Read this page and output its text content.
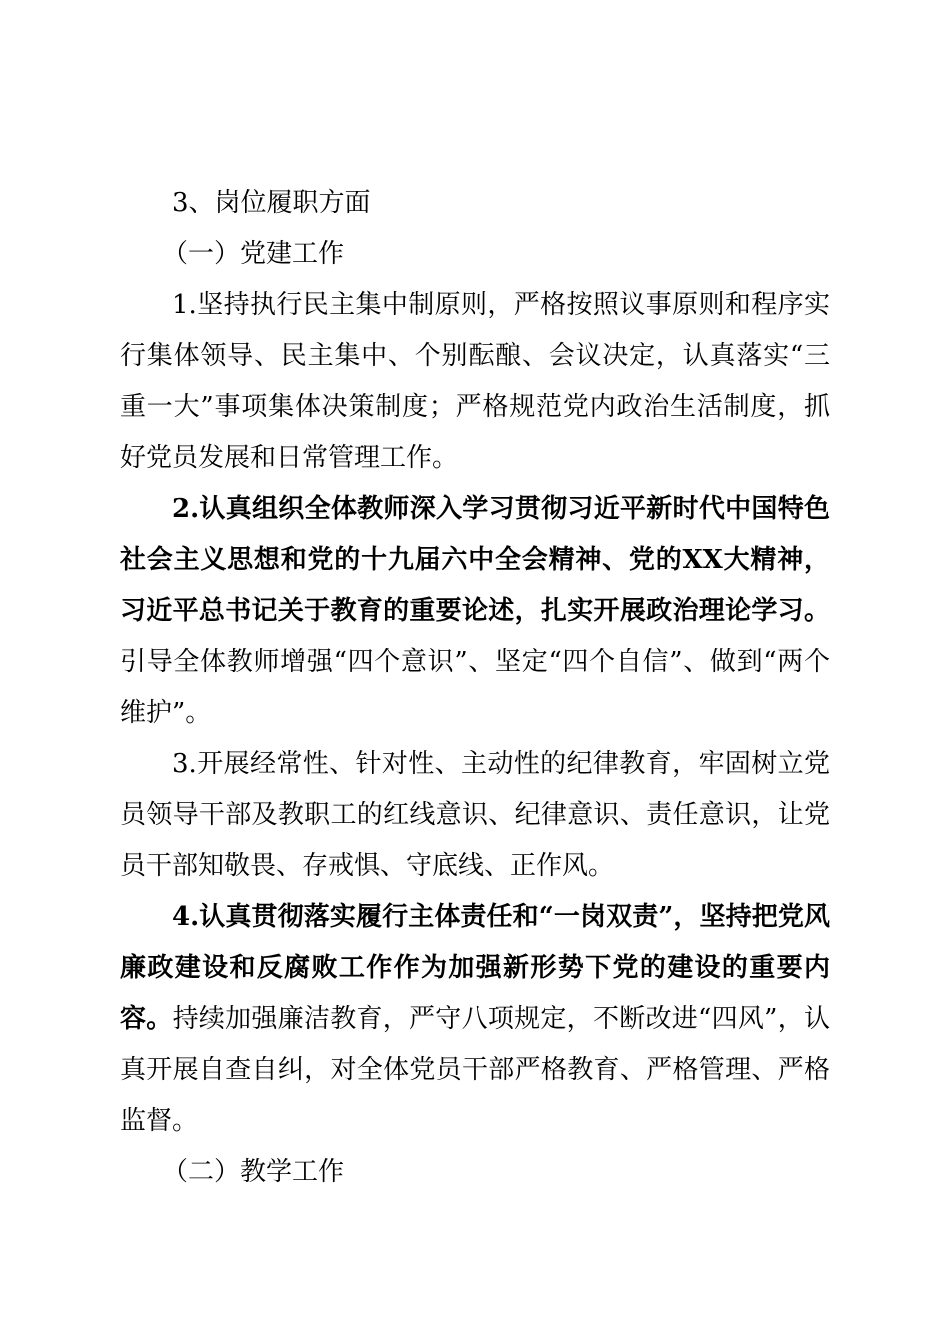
3、岗位履职方面

（一）党建工作

1.坚持执行民主集中制原则，严格按照议事原则和程序实行集体领导、民主集中、个别酝酿、会议决定，认真落实“三重一大”事项集体决策制度；严格规范党内政治生活制度，抓好党员发展和日常管理工作。

2.认真组织全体教师深入学习贯彻习近平新时代中国特色社会主义思想和党的十九届六中全会精神、党的XX大精神，习近平总书记关于教育的重要论述，扎实开展政治理论学习。引导全体教师增强“四个意识”、坚定“四个自信”、做到“两个维护”。

3.开展经常性、针对性、主动性的纪律教育，牢固树立党员领导干部及教职工的红线意识、纪律意识、责任意识，让党员干部知敬畏、存戒惧、守底线、正作风。

4.认真贯彻落实履行主体责任和“一岗双责”，坚持把党风廉政建设和反腐败工作作为加强新形势下党的建设的重要内容。持续加强廉洁教育，严守八项规定，不断改进“四风”，认真开展自查自纠，对全体党员干部严格教育、严格管理、严格监督。

（二）教学工作
